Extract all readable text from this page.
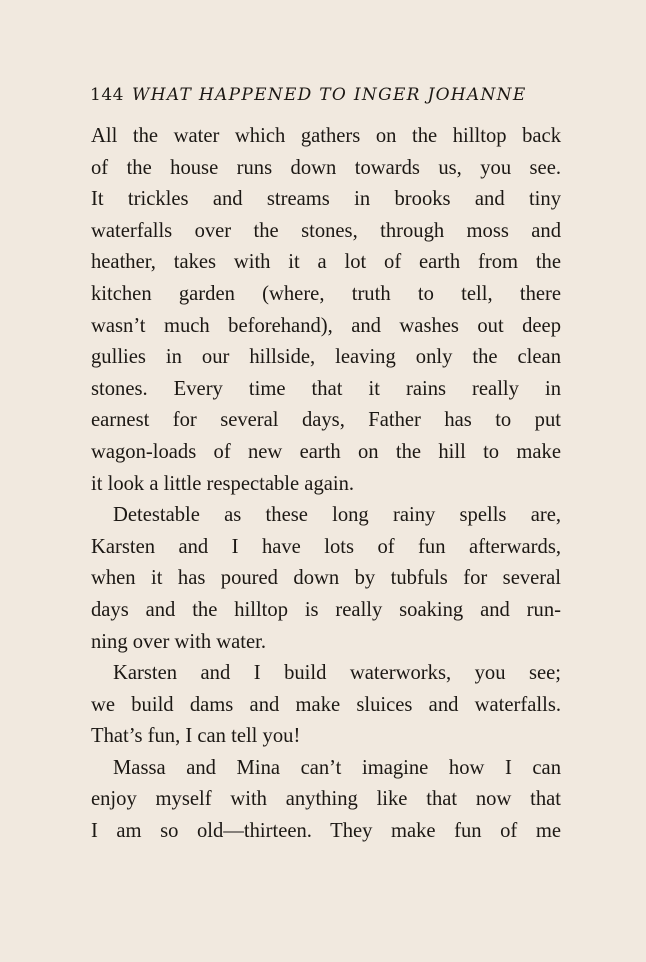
144 WHAT HAPPENED TO INGER JOHANNE
All the water which gathers on the hilltop back
of the house runs down towards us, you see.
It trickles and streams in brooks and tiny
waterfalls over the stones, through moss and
heather, takes with it a lot of earth from the
kitchen garden (where, truth to tell, there
wasn’t much beforehand), and washes out deep
gullies in our hillside, leaving only the clean
stones. Every time that it rains really in
earnest for several days, Father has to put
wagon-loads of new earth on the hill to make
it look a little respectable again.
Detestable as these long rainy spells are,
Karsten and I have lots of fun afterwards,
when it has poured down by tubfuls for several
days and the hilltop is really soaking and run-
ning over with water.
Karsten and I build waterworks, you see;
we build dams and make sluices and waterfalls.
That’s fun, I can tell you!
Massa and Mina can’t imagine how I can
enjoy myself with anything like that now that
I am so old—thirteen. They make fun of me
